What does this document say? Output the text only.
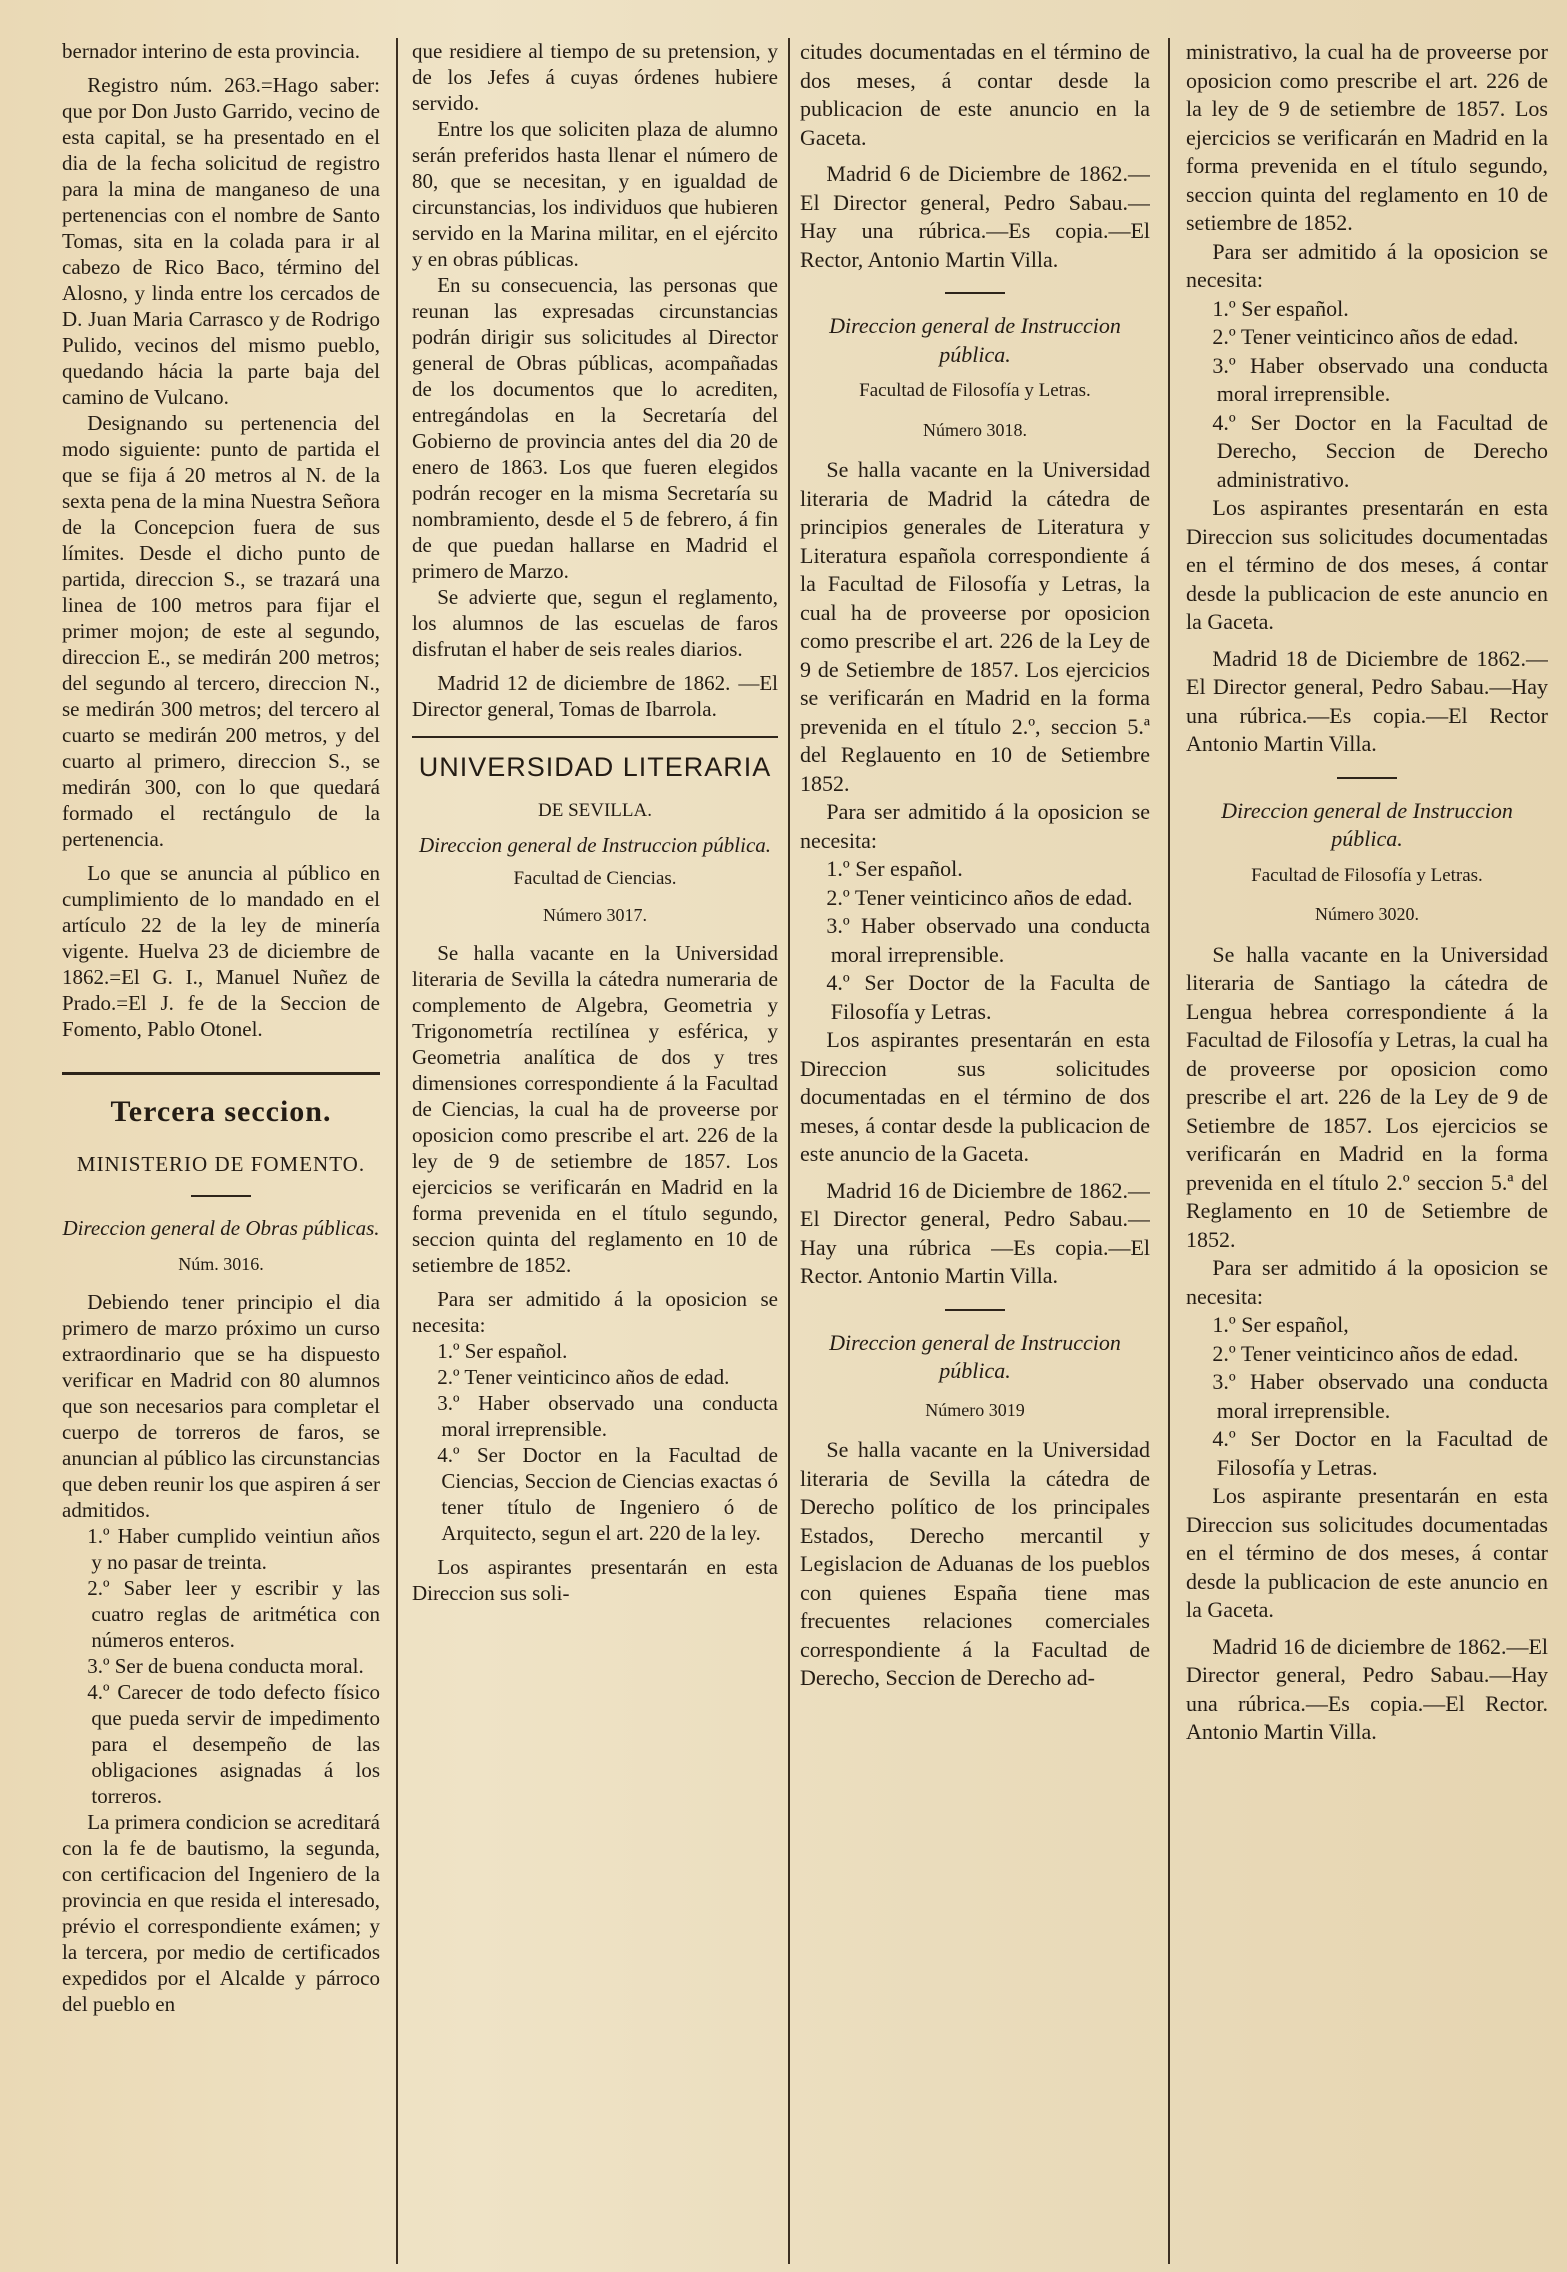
bernador interino de esta provincia.

Registro núm. 263.=Hago saber: que por Don Justo Garrido, vecino de esta capital, se ha presentado en el dia de la fecha solicitud de registro para la mina de manganeso de una pertenencias con el nombre de Santo Tomas, sita en la colada para ir al cabezo de Rico Baco, término del Alosno, y linda entre los cercados de D. Juan Maria Carrasco y de Rodrigo Pulido, vecinos del mismo pueblo, quedando hácia la parte baja del camino de Vulcano.

Designando su pertenencia del modo siguiente: punto de partida el que se fija á 20 metros al N. de la sexta pena de la mina Nuestra Señora de la Concepcion fuera de sus límites. Desde el dicho punto de partida, direccion S., se trazará una linea de 100 metros para fijar el primer mojon; de este al segundo, direccion E., se medirán 200 metros; del segundo al tercero, direccion N., se medirán 300 metros; del tercero al cuarto se medirán 200 metros, y del cuarto al primero, direccion S., se medirán 300, con lo que quedará formado el rectángulo de la pertenencia.

Lo que se anuncia al público en cumplimiento de lo mandado en el artículo 22 de la ley de minería vigente. Huelva 23 de diciembre de 1862.=El G. I., Manuel Nuñez de Prado.=El J. fe de la Seccion de Fomento, Pablo Otonel.

Tercera seccion.
MINISTERIO DE FOMENTO.
Direccion general de Obras públicas.
Núm. 3016.

Debiendo tener principio el dia primero de marzo próximo un curso extraordinario que se ha dispuesto verificar en Madrid con 80 alumnos que son necesarios para completar el cuerpo de torreros de faros, se anuncian al público las circunstancias que deben reunir los que aspiren á ser admitidos.

1.º Haber cumplido veintiun años y no pasar de treinta.

2.º Saber leer y escribir y las cuatro reglas de aritmética con números enteros.

3.º Ser de buena conducta moral.

4.º Carecer de todo defecto físico que pueda servir de impedimento para el desempeño de las obligaciones asignadas á los torreros.

La primera condicion se acreditará con la fe de bautismo, la segunda, con certificacion del Ingeniero de la provincia en que resida el interesado, prévio el correspondiente exámen; y la tercera, por medio de certificados expedidos por el Alcalde y párroco del pueblo en

que residiere al tiempo de su pretension, y de los Jefes á cuyas órdenes hubiere servido.

Entre los que soliciten plaza de alumno serán preferidos hasta llenar el número de 80, que se necesitan, y en igualdad de circunstancias, los individuos que hubieren servido en la Marina militar, en el ejército y en obras públicas.

En su consecuencia, las personas que reunan las expresadas circunstancias podrán dirigir sus solicitudes al Director general de Obras públicas, acompañadas de los documentos que lo acrediten, entregándolas en la Secretaría del Gobierno de provincia antes del dia 20 de enero de 1863. Los que fueren elegidos podrán recoger en la misma Secretaría su nombramiento, desde el 5 de febrero, á fin de que puedan hallarse en Madrid el primero de Marzo.

Se advierte que, segun el reglamento, los alumnos de las escuelas de faros disfrutan el haber de seis reales diarios.

Madrid 12 de diciembre de 1862. —El Director general, Tomas de Ibarrola.

UNIVERSIDAD LITERARIA
DE SEVILLA.
Direccion general de Instruccion pública.
Facultad de Ciencias.
Número 3017.

Se halla vacante en la Universidad literaria de Sevilla la cátedra numeraria de complemento de Algebra, Geometria y Trigonometría rectilínea y esférica, y Geometria analítica de dos y tres dimensiones correspondiente á la Facultad de Ciencias, la cual ha de proveerse por oposicion como prescribe el art. 226 de la ley de 9 de setiembre de 1857. Los ejercicios se verificarán en Madrid en la forma prevenida en el título segundo, seccion quinta del reglamento en 10 de setiembre de 1852.

Para ser admitido á la oposicion se necesita:

1.º Ser español.

2.º Tener veinticinco años de edad.

3.º Haber observado una conducta moral irreprensible.

4.º Ser Doctor en la Facultad de Ciencias, Seccion de Ciencias exactas ó tener título de Ingeniero ó de Arquitecto, segun el art. 220 de la ley.

Los aspirantes presentarán en esta Direccion sus soli-

citudes documentadas en el término de dos meses, á contar desde la publicacion de este anuncio en la Gaceta.

Madrid 6 de Diciembre de 1862.—El Director general, Pedro Sabau.—Hay una rúbrica.—Es copia.—El Rector, Antonio Martin Villa.

Direccion general de Instruccion pública.
Facultad de Filosofía y Letras.
Número 3018.

Se halla vacante en la Universidad literaria de Madrid la cátedra de principios generales de Literatura y Literatura española correspondiente á la Facultad de Filosofía y Letras, la cual ha de proveerse por oposicion como prescribe el art. 226 de la Ley de 9 de Setiembre de 1857. Los ejercicios se verificarán en Madrid en la forma prevenida en el título 2.º, seccion 5.ª del Reglauento en 10 de Setiembre 1852.

Para ser admitido á la oposicion se necesita:

1.º Ser español.

2.º Tener veinticinco años de edad.

3.º Haber observado una conducta moral irreprensible.

4.º Ser Doctor de la Faculta de Filosofía y Letras.

Los aspirantes presentarán en esta Direccion sus solicitudes documentadas en el término de dos meses, á contar desde la publicacion de este anuncio de la Gaceta.

Madrid 16 de Diciembre de 1862.—El Director general, Pedro Sabau.—Hay una rúbrica —Es copia.—El Rector. Antonio Martin Villa.

Direccion general de Instruccion pública.
Número 3019

Se halla vacante en la Universidad literaria de Sevilla la cátedra de Derecho político de los principales Estados, Derecho mercantil y Legislacion de Aduanas de los pueblos con quienes España tiene mas frecuentes relaciones comerciales correspondiente á la Facultad de Derecho, Seccion de Derecho ad-

ministrativo, la cual ha de proveerse por oposicion como prescribe el art. 226 de la ley de 9 de setiembre de 1857. Los ejercicios se verificarán en Madrid en la forma prevenida en el título segundo, seccion quinta del reglamento en 10 de setiembre de 1852.

Para ser admitido á la oposicion se necesita:

1.º Ser español.

2.º Tener veinticinco años de edad.

3.º Haber observado una conducta moral irreprensible.

4.º Ser Doctor en la Facultad de Derecho, Seccion de Derecho administrativo.

Los aspirantes presentarán en esta Direccion sus solicitudes documentadas en el término de dos meses, á contar desde la publicacion de este anuncio en la Gaceta.

Madrid 18 de Diciembre de 1862.—El Director general, Pedro Sabau.—Hay una rúbrica.—Es copia.—El Rector Antonio Martin Villa.

Direccion general de Instruccion pública.
Facultad de Filosofía y Letras.
Número 3020.

Se halla vacante en la Universidad literaria de Santiago la cátedra de Lengua hebrea correspondiente á la Facultad de Filosofía y Letras, la cual ha de proveerse por oposicion como prescribe el art. 226 de la Ley de 9 de Setiembre de 1857. Los ejercicios se verificarán en Madrid en la forma prevenida en el título 2.º seccion 5.ª del Reglamento en 10 de Setiembre de 1852.

Para ser admitido á la oposicion se necesita:

1.º Ser español,

2.º Tener veinticinco años de edad.

3.º Haber observado una conducta moral irreprensible.

4.º Ser Doctor en la Facultad de Filosofía y Letras.

Los aspirante presentarán en esta Direccion sus solicitudes documentadas en el término de dos meses, á contar desde la publicacion de este anuncio en la Gaceta.

Madrid 16 de diciembre de 1862.—El Director general, Pedro Sabau.—Hay una rúbrica.—Es copia.—El Rector. Antonio Martin Villa.
